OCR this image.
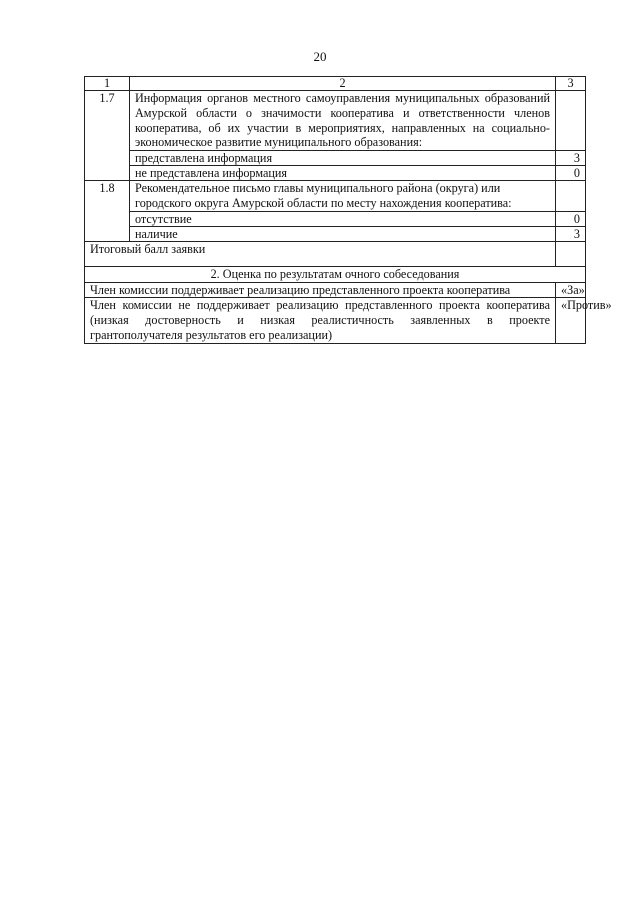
20
1	2	3
1.7	Информация органов местного самоуправления муниципальных образований Амурской области о значимости кооператива и ответственности членов кооператива, об их участии в мероприятиях, направленных на социально-экономическое развитие муниципального образования:	
	представлена информация	3
	не представлена информация	0
1.8	Рекомендательное письмо главы муниципального района (округа) или городского округа Амурской области по месту нахождения кооператива:	
	отсутствие	0
	наличие	3
Итоговый балл заявки		
2. Оценка по результатам очного собеседования		
Член комиссии поддерживает реализацию представленного проекта кооператива		«За»
Член комиссии не поддерживает реализацию представленного проекта кооператива (низкая достоверность и низкая реалистичность заявленных в проекте грантополучателя результатов его реализации)		«Против»
